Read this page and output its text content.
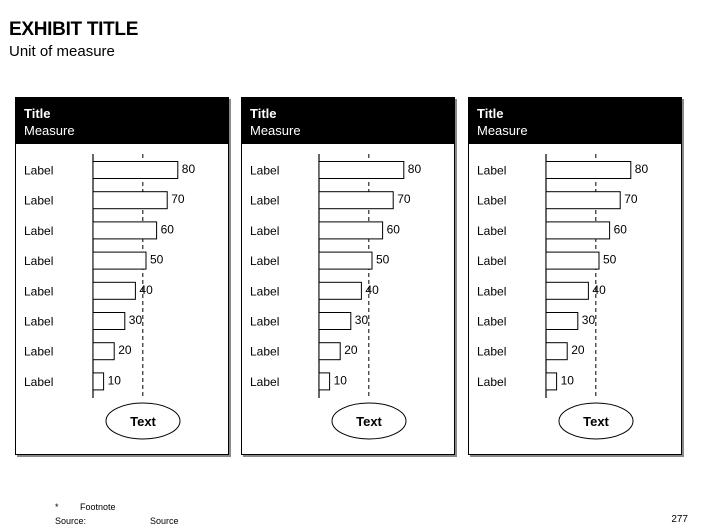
EXHIBIT TITLE
Unit of measure
Title
Measure
Label	80
Label	70
Label	60
Label	50
Label	40
Label	30
Label	20
Label	10
Text
Title
Measure
Label	80
Label	70
Label	60
Label	50
Label	40
Label	30
Label	20
Label	10
Text
Title
Measure
Label	80
Label	70
Label	60
Label	50
Label	40
Label	30
Label	20
Label	10
Text
* Footnote
Source:	Source	277
